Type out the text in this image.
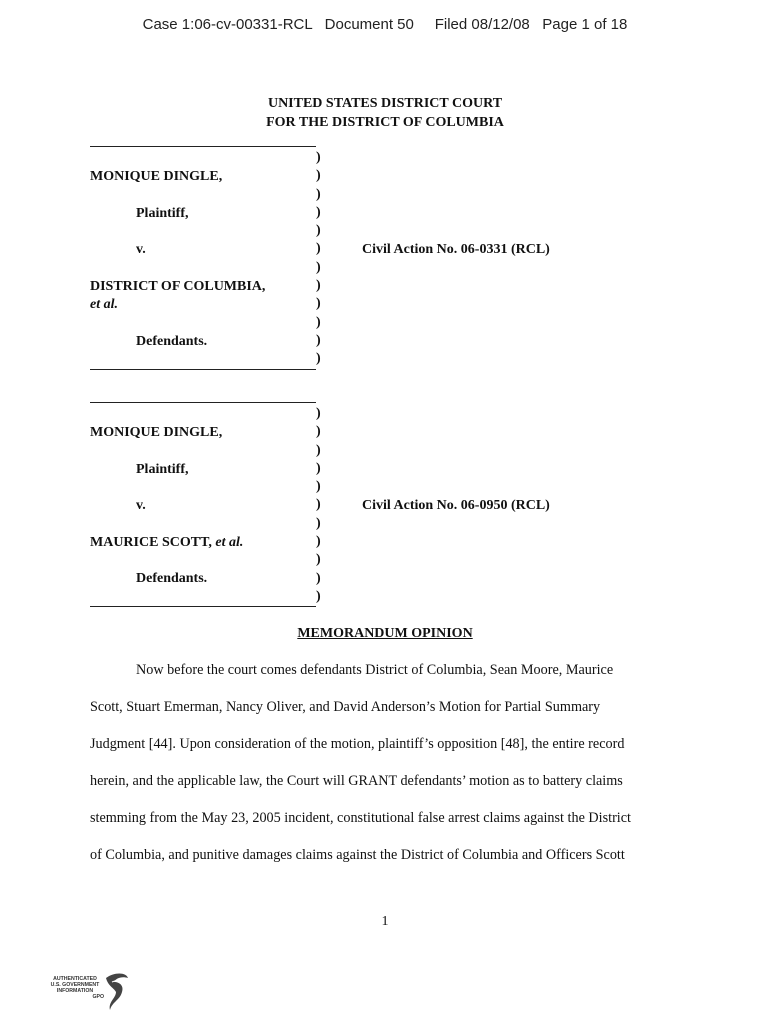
Case 1:06-cv-00331-RCL   Document 50     Filed 08/12/08   Page 1 of 18
UNITED STATES DISTRICT COURT
FOR THE DISTRICT OF COLUMBIA
)
)
)
)
)
)
)
)
)
)
)
)
MONIQUE DINGLE,
Plaintiff,
v.	Civil Action No. 06-0331 (RCL)
DISTRICT OF COLUMBIA,
et al.
Defendants.
)
)
)
)
)
)
)
)
)
)
)
MONIQUE DINGLE,
Plaintiff,
v.	Civil Action No. 06-0950 (RCL)
MAURICE SCOTT, et al.
Defendants.
MEMORANDUM OPINION
Now before the court comes defendants District of Columbia, Sean Moore, Maurice
Scott, Stuart Emerman, Nancy Oliver, and David Anderson’s Motion for Partial Summary
Judgment [44]. Upon consideration of the motion, plaintiff’s opposition [48], the entire record
herein, and the applicable law, the Court will GRANT defendants’ motion as to battery claims
stemming from the May 23, 2005 incident, constitutional false arrest claims against the District
of Columbia, and punitive damages claims against the District of Columbia and Officers Scott
1
AUTHENTICATED
U.S. GOVERNMENT
INFORMATION
GPO
